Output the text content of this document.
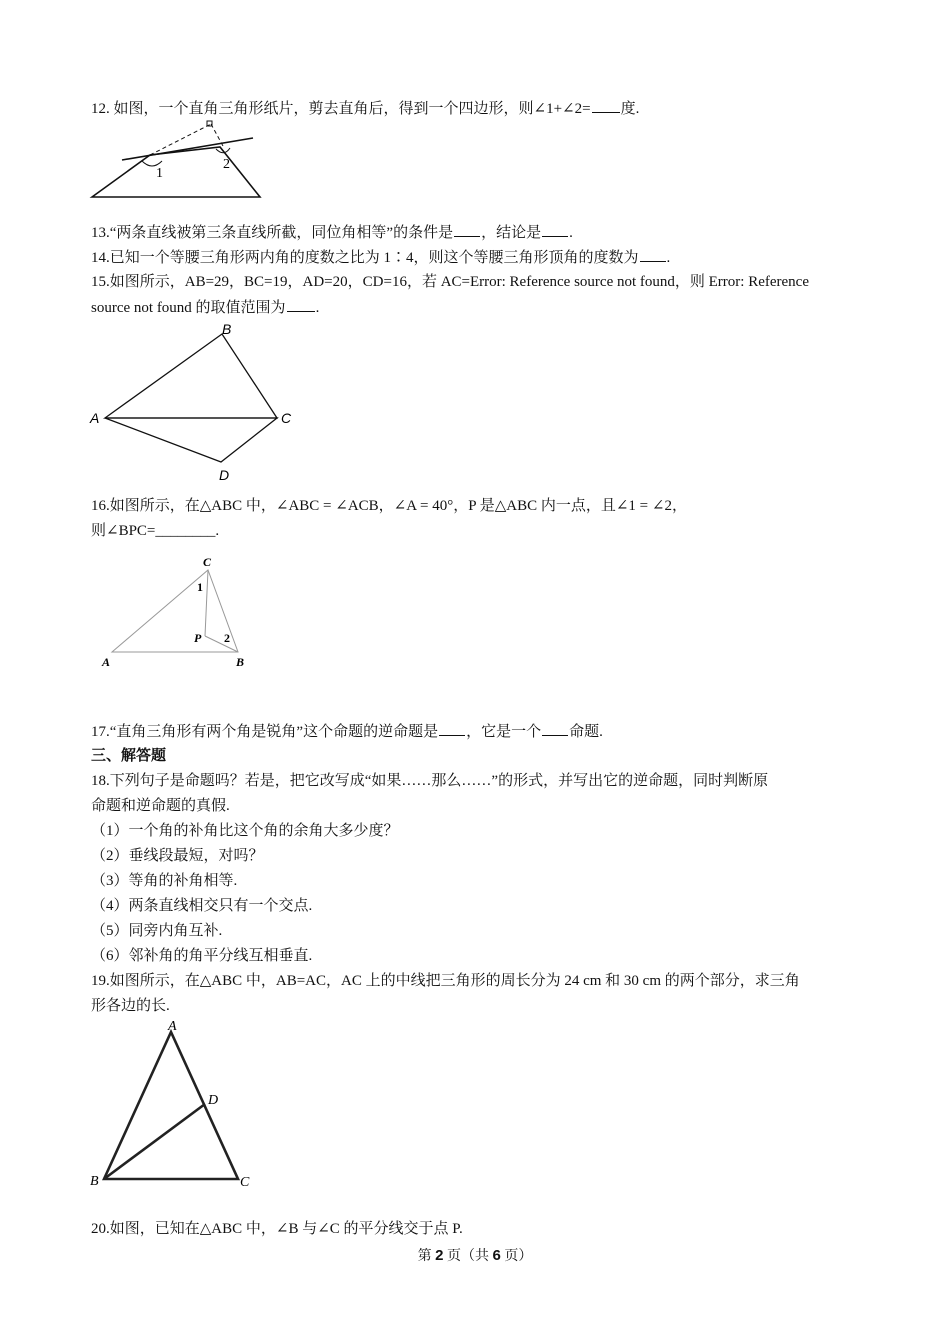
12. 如图，一个直角三角形纸片，剪去直角后，得到一个四边形，则∠1+∠2= 度.
1
2
13.“两条直线被第三条直线所截，同位角相等”的条件是 ，结论是 .
14.已知一个等腰三角形两内角的度数之比为 1∶4，则这个等腰三角形顶角的度数为 .
15.如图所示，AB=29，BC=19，AD=20，CD=16，若 AC=Error: Reference source not found，则 Error: Reference
source not found 的取值范围为 .
A
B
C
D
16.如图所示，在△ABC 中，∠ABC = ∠ACB，∠A = 40°，P 是△ABC 内一点，且∠1 = ∠2，
则∠BPC=________.
C
1
P 2
A	B
17.“直角三角形有两个角是锐角”这个命题的逆命题是 ，它是一个 命题.
三、解答题
18.下列句子是命题吗？若是，把它改写成“如果……那么……”的形式，并写出它的逆命题，同时判断原
命题和逆命题的真假.
（1）一个角的补角比这个角的余角大多少度？
（2）垂线段最短，对吗？
（3）等角的补角相等.
（4）两条直线相交只有一个交点.
（5）同旁内角互补.
（6）邻补角的角平分线互相垂直.
19.如图所示，在△ABC 中，AB=AC，AC 上的中线把三角形的周长分为 24 cm 和 30 cm 的两个部分，求三角
形各边的长.
A
B	C
D
20.如图，已知在△ABC 中，∠B 与∠C 的平分线交于点 P.
第 2 页（共 6 页）
